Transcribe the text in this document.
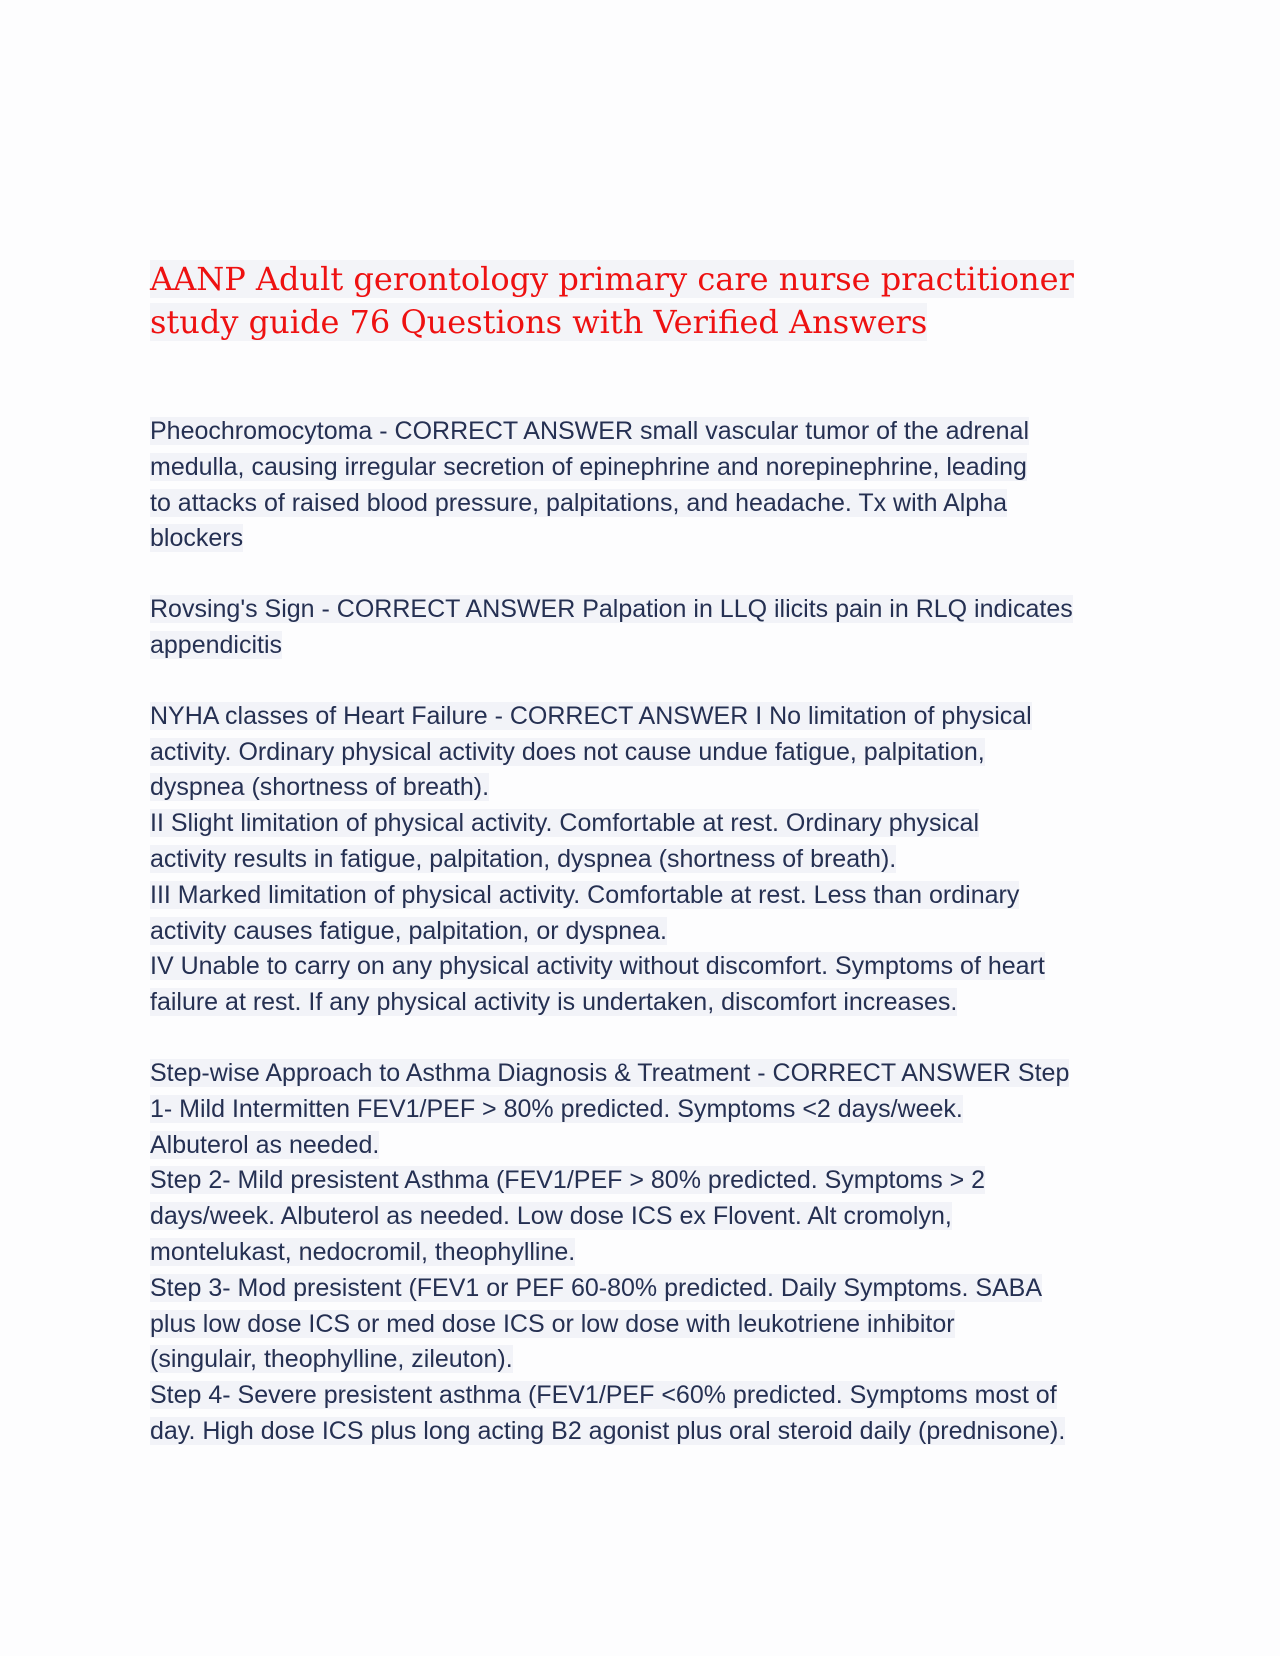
AANP Adult gerontology primary care nurse practitioner
study guide 76 Questions with Verified Answers
Pheochromocytoma - CORRECT ANSWER small vascular tumor of the adrenal
medulla, causing irregular secretion of epinephrine and norepinephrine, leading
to attacks of raised blood pressure, palpitations, and headache. Tx with Alpha
blockers
Rovsing's Sign - CORRECT ANSWER Palpation in LLQ ilicits pain in RLQ indicates
appendicitis
NYHA classes of Heart Failure - CORRECT ANSWER I No limitation of physical
activity. Ordinary physical activity does not cause undue fatigue, palpitation,
dyspnea (shortness of breath).
II Slight limitation of physical activity. Comfortable at rest. Ordinary physical
activity results in fatigue, palpitation, dyspnea (shortness of breath).
III Marked limitation of physical activity. Comfortable at rest. Less than ordinary
activity causes fatigue, palpitation, or dyspnea.
IV Unable to carry on any physical activity without discomfort. Symptoms of heart
failure at rest. If any physical activity is undertaken, discomfort increases.
Step-wise Approach to Asthma Diagnosis & Treatment - CORRECT ANSWER Step
1- Mild Intermitten FEV1/PEF > 80% predicted. Symptoms <2 days/week.
Albuterol as needed.
Step 2- Mild presistent Asthma (FEV1/PEF > 80% predicted. Symptoms > 2
days/week. Albuterol as needed. Low dose ICS ex Flovent. Alt cromolyn,
montelukast, nedocromil, theophylline.
Step 3- Mod presistent (FEV1 or PEF 60-80% predicted. Daily Symptoms. SABA
plus low dose ICS or med dose ICS or low dose with leukotriene inhibitor
(singulair, theophylline, zileuton).
Step 4- Severe presistent asthma (FEV1/PEF <60% predicted. Symptoms most of
day. High dose ICS plus long acting B2 agonist plus oral steroid daily (prednisone).
